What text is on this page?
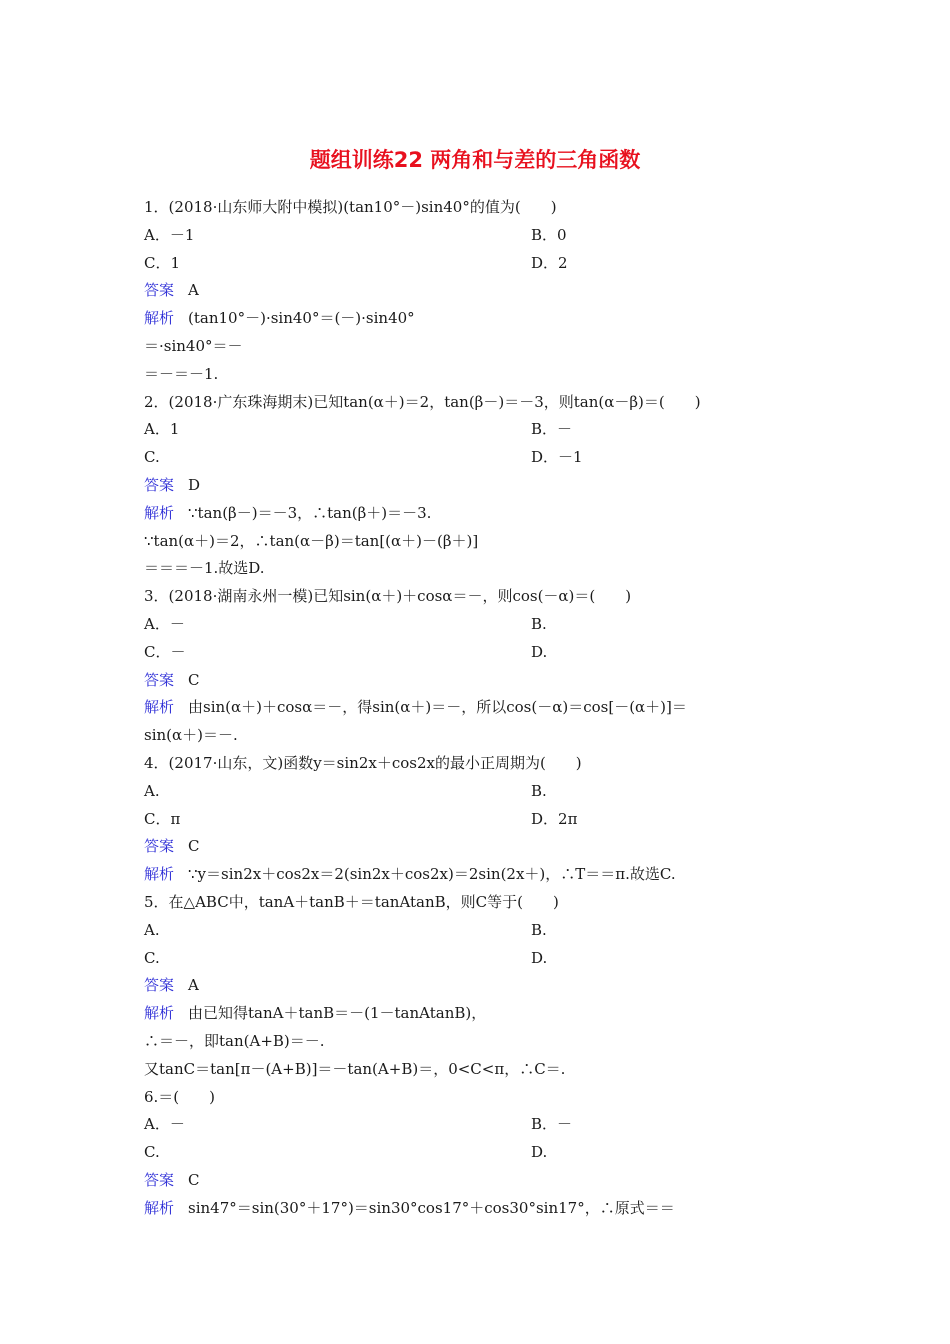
题组训练22 两角和与差的三角函数
1．(2018·山东师大附中模拟)(tan10°－)sin40°的值为(　　)
A．－1	B．0
C．1	D．2
答案 A
解析 (tan10°－)·sin40°＝(－)·sin40°
＝·sin40°＝－
＝－＝－1.
2．(2018·广东珠海期末)已知tan(α＋)＝2，tan(β－)＝－3，则tan(α－β)＝(　　)
A．1	B．－
C.	D．－1
答案 D
解析 ∵tan(β－)＝－3，∴tan(β＋)＝－3.
∵tan(α＋)＝2，∴tan(α－β)＝tan[(α＋)－(β＋)]
＝＝＝－1.故选D.
3．(2018·湖南永州一模)已知sin(α＋)＋cosα＝－，则cos(－α)＝(　　)
A．－	B.
C．－	D.
答案 C
解析 由sin(α＋)＋cosα＝－，得sin(α＋)＝－，所以cos(－α)＝cos[－(α＋)]＝
sin(α＋)＝－.
4．(2017·山东，文)函数y＝sin2x＋cos2x的最小正周期为(　　)
A.	B.
C．π	D．2π
答案 C
解析 ∵y＝sin2x＋cos2x＝2(sin2x＋cos2x)＝2sin(2x＋)，∴T＝＝π.故选C.
5．在△ABC中，tanA＋tanB＋＝tanAtanB，则C等于(　　)
A.	B.
C.	D.
答案 A
解析 由已知得tanA＋tanB＝－(1－tanAtanB)，
∴＝－，即tan(A+B)＝－.
又tanC＝tan[π－(A+B)]＝－tan(A+B)＝，0<C<π，∴C＝.
6.＝(　　)
A．－	B．－
C.	D.
答案 C
解析 sin47°＝sin(30°＋17°)＝sin30°cos17°＋cos30°sin17°，∴原式＝＝
